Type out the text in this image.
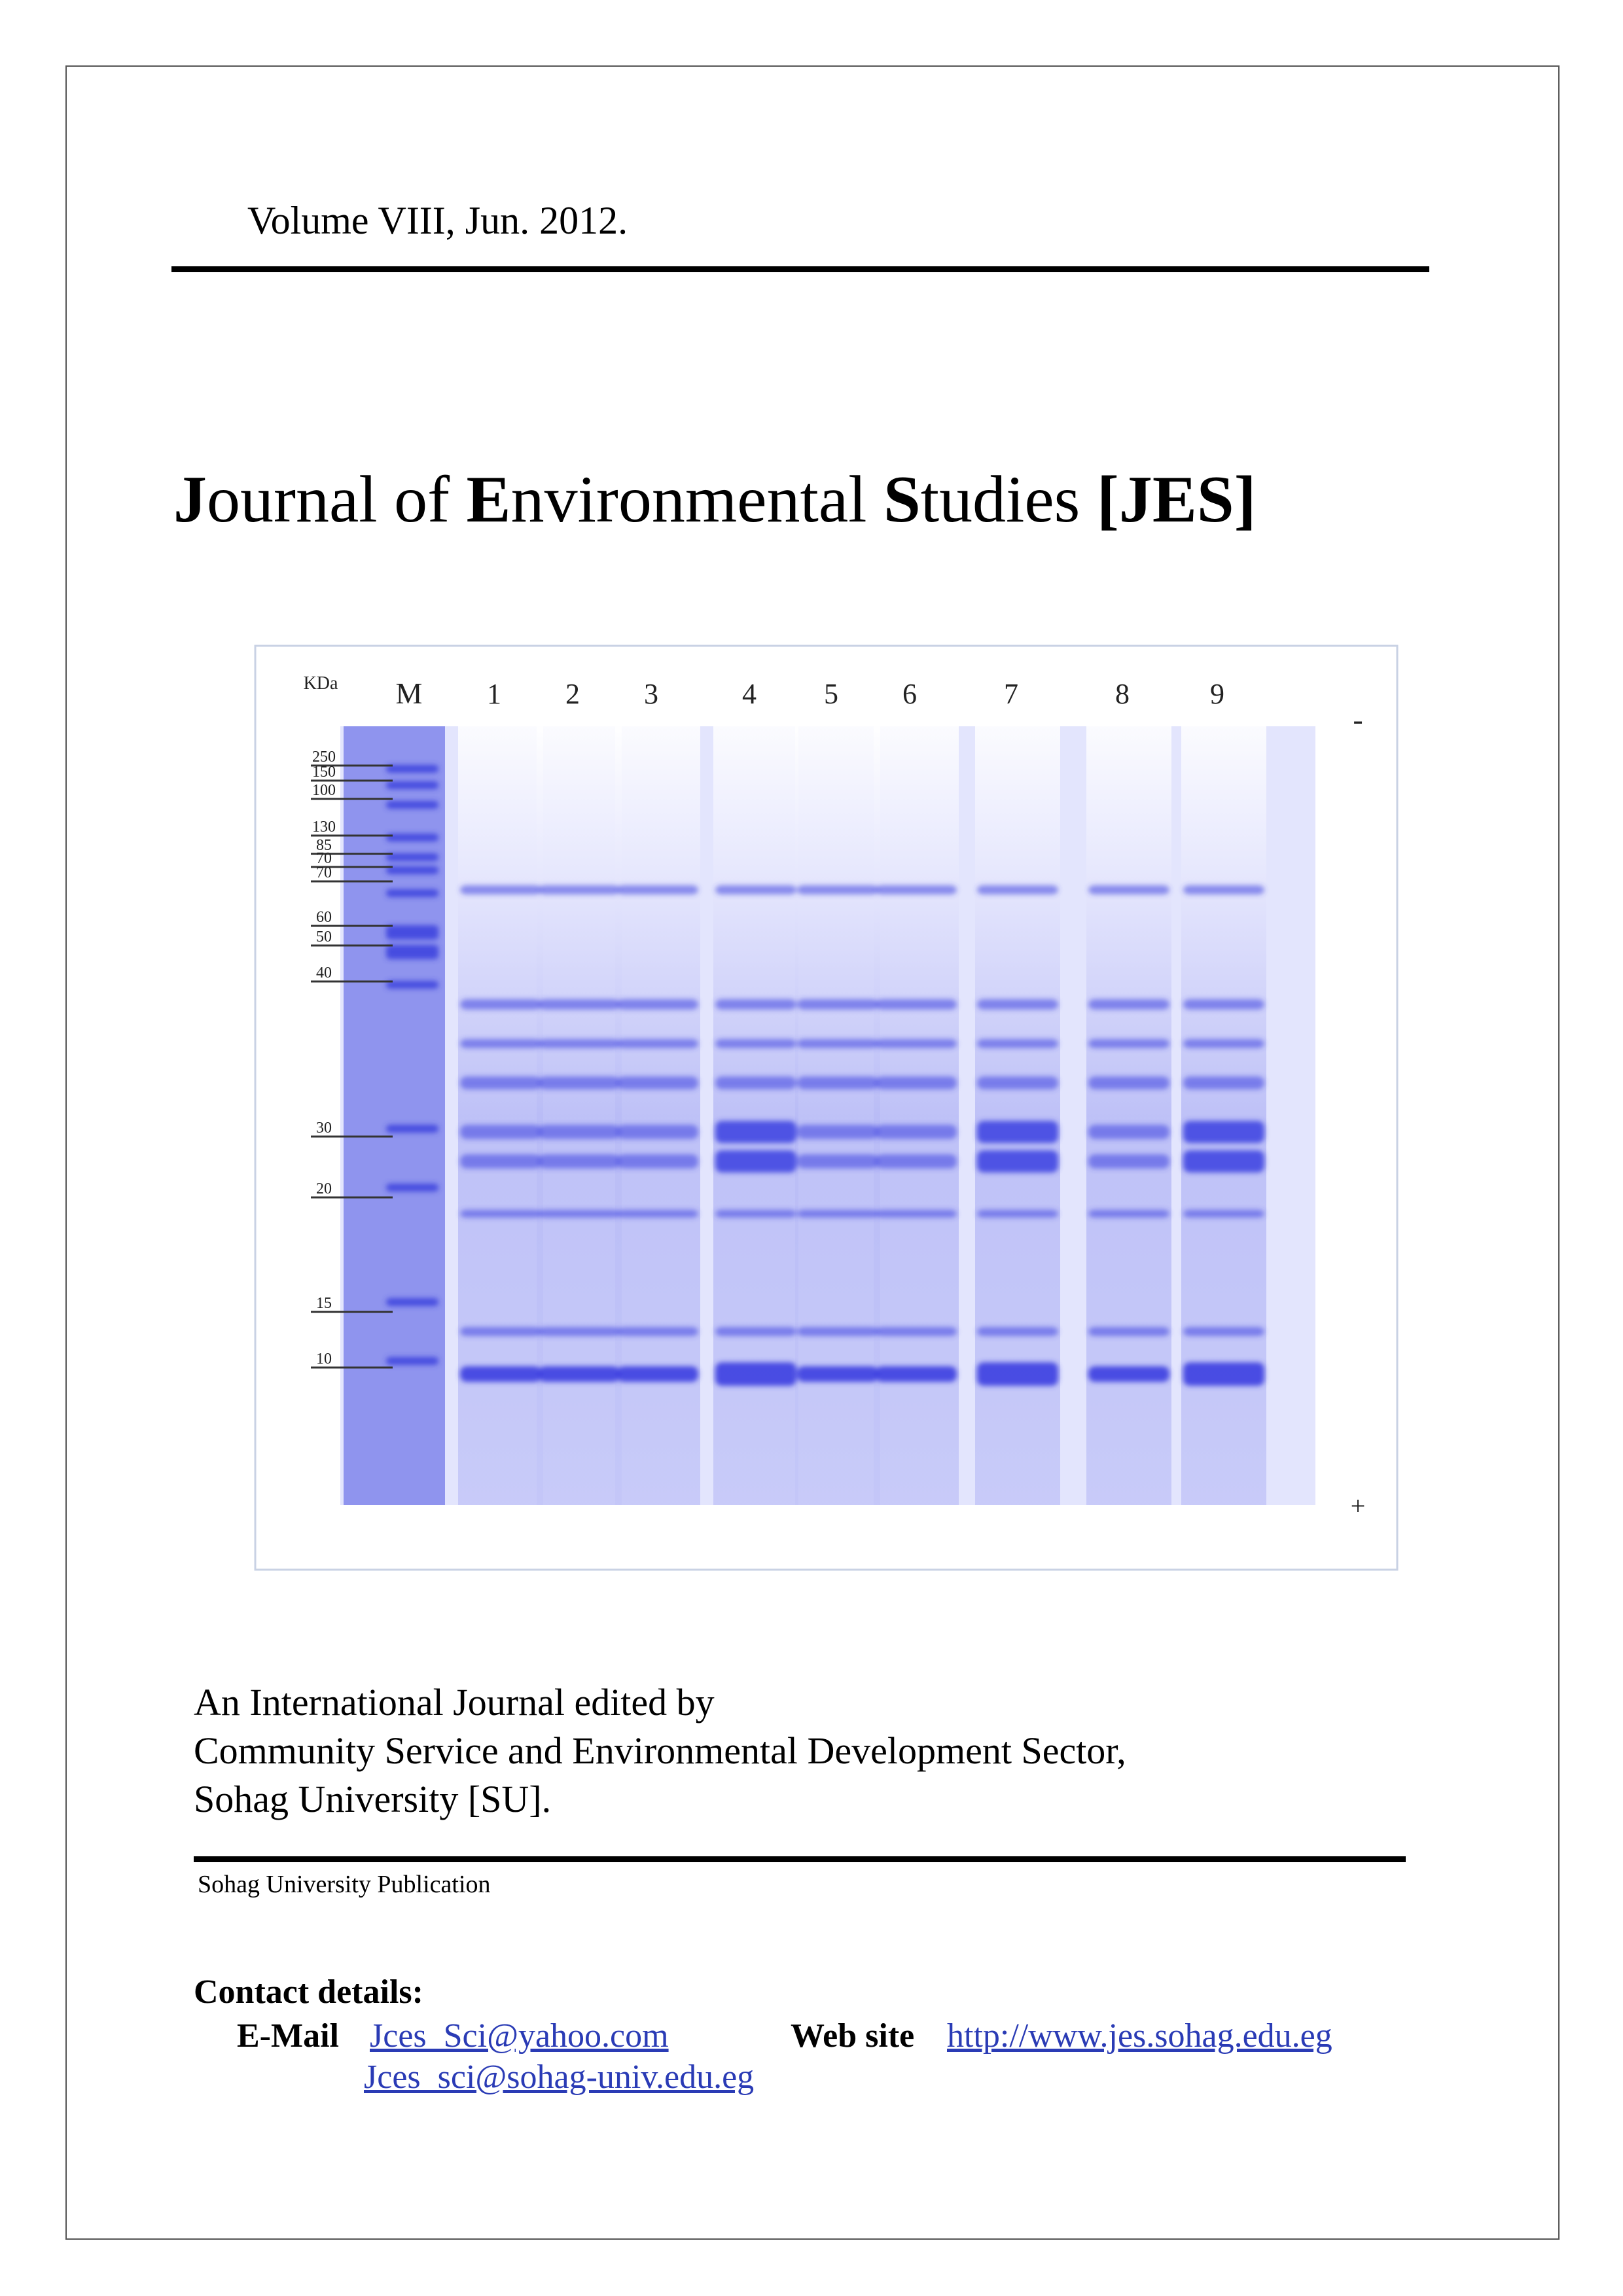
Volume VIII, Jun. 2012.
Journal of Environmental Studies [JES]
KDa M 1 2 3	4 5 6	7	8	9
-
+
250
150
100
130
85
70
70
60
50
40
30
20
15
10
An International Journal edited by
Community Service and Environmental Development Sector,
Sohag University [SU].
Sohag University Publication
Contact details:
E-Mail Jces_Sci@yahoo.com
Jces_sci@sohag-univ.edu.eg
Web site http://www.jes.sohag.edu.eg
